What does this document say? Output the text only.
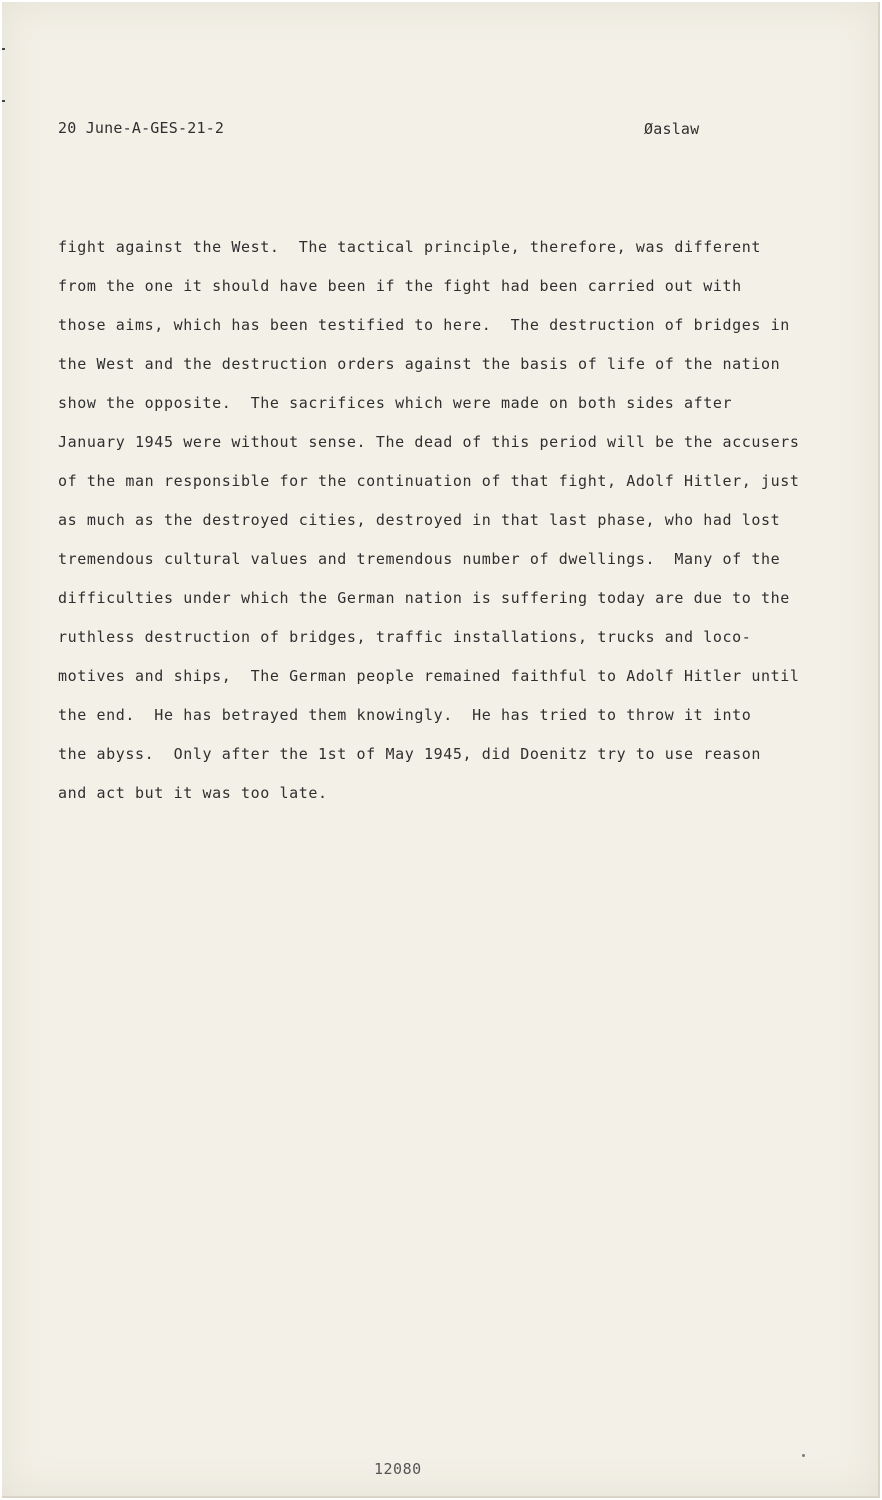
20 June-A-GES-21-2	Øaslaw
fight against the West.  The tactical principle, therefore, was different
from the one it should have been if the fight had been carried out with
those aims, which has been testified to here.  The destruction of bridges in
the West and the destruction orders against the basis of life of the nation
show the opposite.  The sacrifices which were made on both sides after
January 1945 were without sense. The dead of this period will be the accusers
of the man responsible for the continuation of that fight, Adolf Hitler, just
as much as the destroyed cities, destroyed in that last phase, who had lost
tremendous cultural values and tremendous number of dwellings.  Many of the
difficulties under which the German nation is suffering today are due to the
ruthless destruction of bridges, traffic installations, trucks and loco-
motives and ships,  The German people remained faithful to Adolf Hitler until
the end.  He has betrayed them knowingly.  He has tried to throw it into
the abyss.  Only after the 1st of May 1945, did Doenitz try to use reason
and act but it was too late.
12080
